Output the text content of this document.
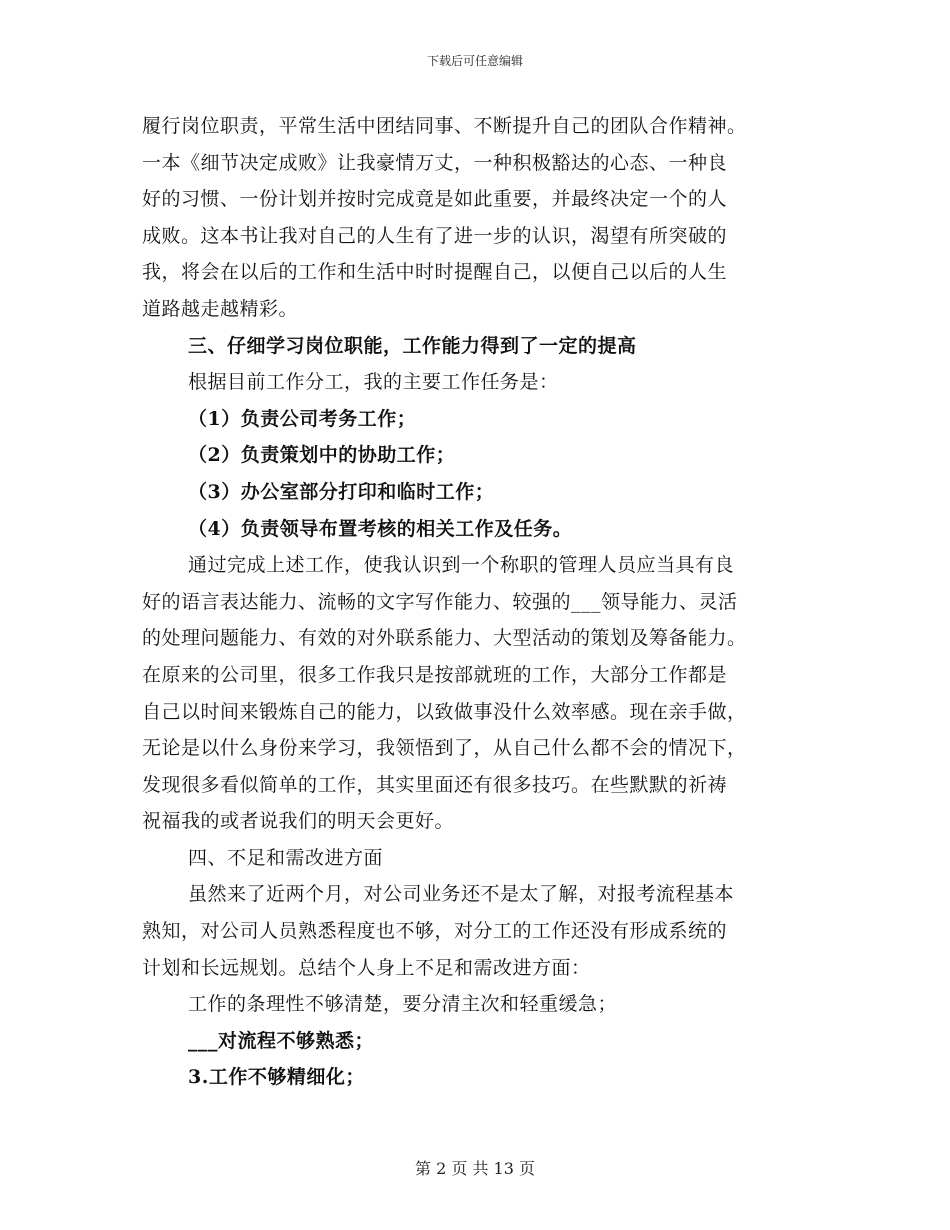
下载后可任意编辑
履行岗位职责，平常生活中团结同事、不断提升自己的团队合作精神。
一本《细节决定成败》让我豪情万丈，一种积极豁达的心态、一种良
好的习惯、一份计划并按时完成竟是如此重要，并最终决定一个的人
成败。这本书让我对自己的人生有了进一步的认识，渴望有所突破的
我，将会在以后的工作和生活中时时提醒自己，以便自己以后的人生
道路越走越精彩。
三、仔细学习岗位职能，工作能力得到了一定的提高
根据目前工作分工，我的主要工作任务是：
（1）负责公司考务工作；
（2）负责策划中的协助工作；
（3）办公室部分打印和临时工作；
（4）负责领导布置考核的相关工作及任务。
通过完成上述工作，使我认识到一个称职的管理人员应当具有良
好的语言表达能力、流畅的文字写作能力、较强的___领导能力、灵活
的处理问题能力、有效的对外联系能力、大型活动的策划及筹备能力。
在原来的公司里，很多工作我只是按部就班的工作，大部分工作都是
自己以时间来锻炼自己的能力，以致做事没什么效率感。现在亲手做，
无论是以什么身份来学习，我领悟到了，从自己什么都不会的情况下，
发现很多看似简单的工作，其实里面还有很多技巧。在些默默的祈祷
祝福我的或者说我们的明天会更好。
四、不足和需改进方面
虽然来了近两个月，对公司业务还不是太了解，对报考流程基本
熟知，对公司人员熟悉程度也不够，对分工的工作还没有形成系统的
计划和长远规划。总结个人身上不足和需改进方面：
工作的条理性不够清楚，要分清主次和轻重缓急；
___对流程不够熟悉；
3.工作不够精细化；
第 2 页 共 13 页
